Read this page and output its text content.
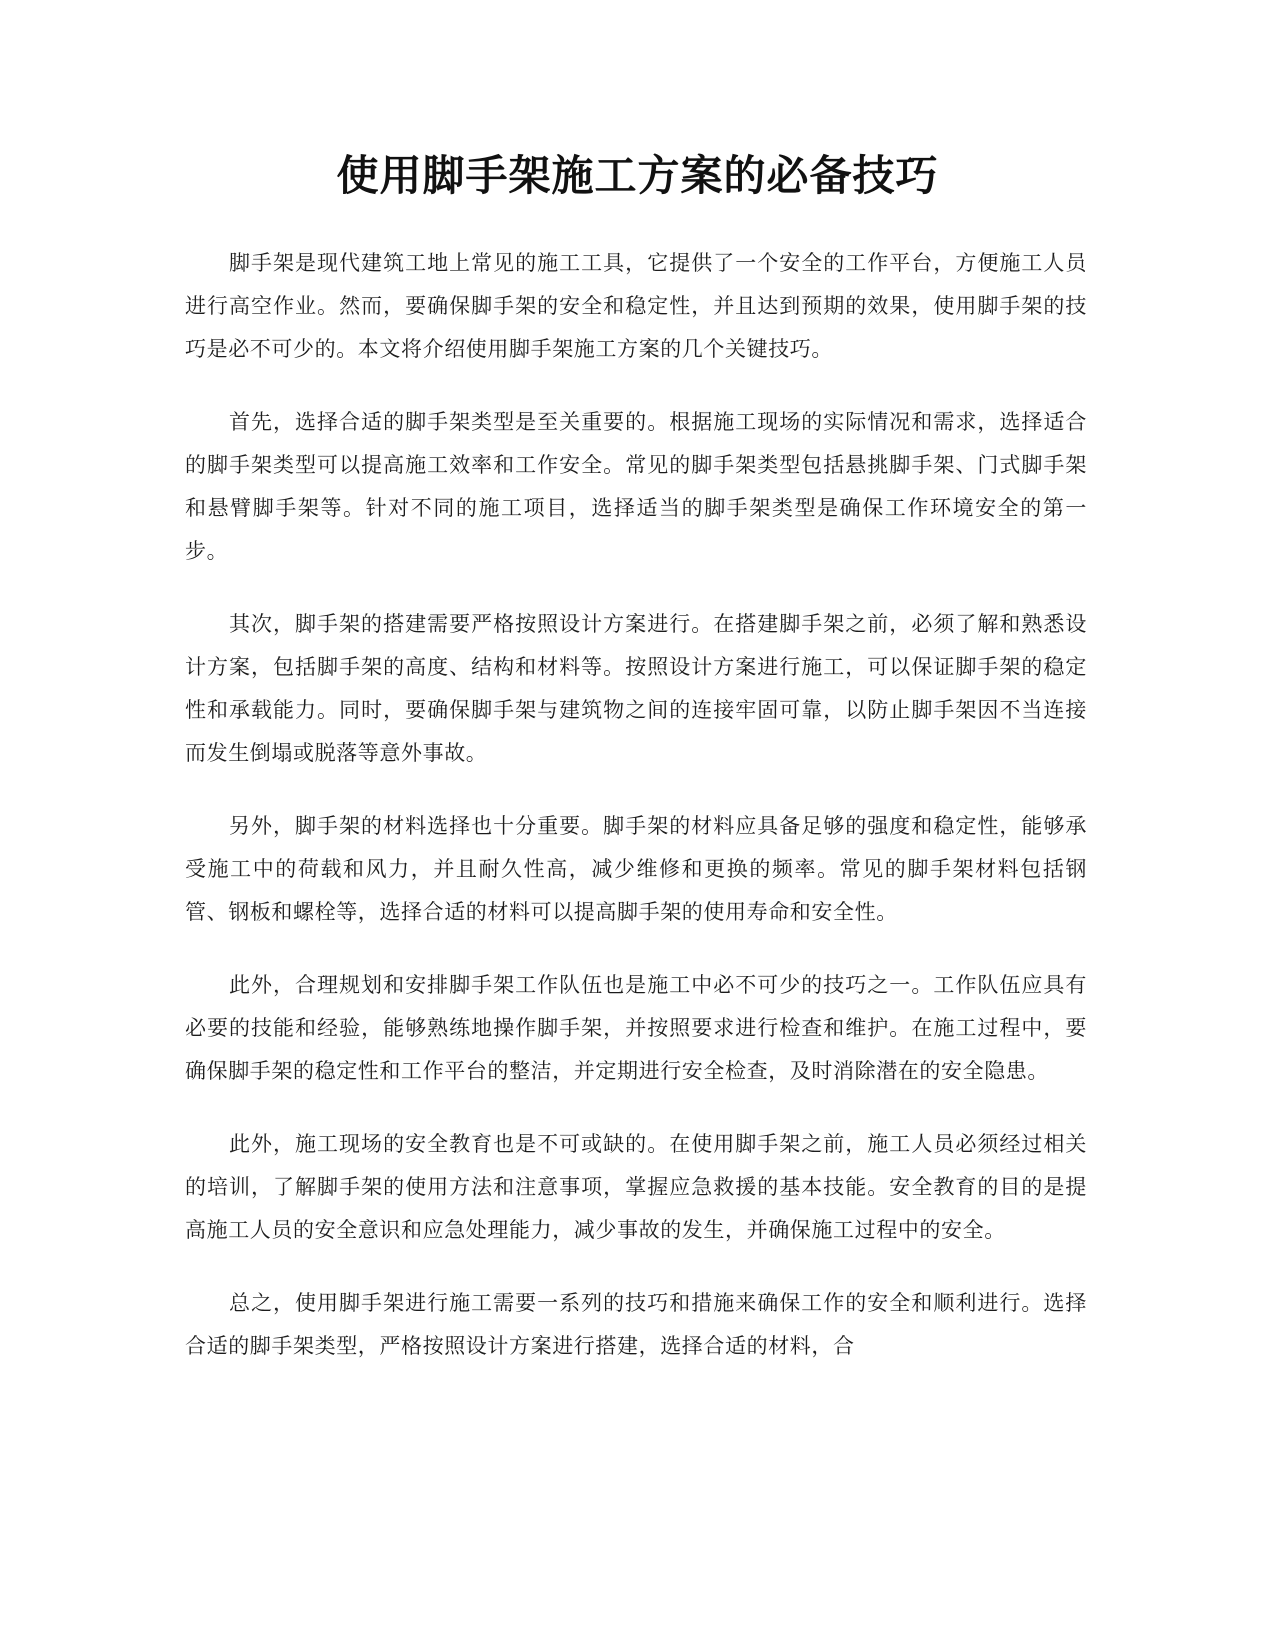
使用脚手架施工方案的必备技巧

脚手架是现代建筑工地上常见的施工工具，它提供了一个安全的工作平台，方便施工人员进行高空作业。然而，要确保脚手架的安全和稳定性，并且达到预期的效果，使用脚手架的技巧是必不可少的。本文将介绍使用脚手架施工方案的几个关键技巧。

首先，选择合适的脚手架类型是至关重要的。根据施工现场的实际情况和需求，选择适合的脚手架类型可以提高施工效率和工作安全。常见的脚手架类型包括悬挑脚手架、门式脚手架和悬臂脚手架等。针对不同的施工项目，选择适当的脚手架类型是确保工作环境安全的第一步。

其次，脚手架的搭建需要严格按照设计方案进行。在搭建脚手架之前，必须了解和熟悉设计方案，包括脚手架的高度、结构和材料等。按照设计方案进行施工，可以保证脚手架的稳定性和承载能力。同时，要确保脚手架与建筑物之间的连接牢固可靠，以防止脚手架因不当连接而发生倒塌或脱落等意外事故。

另外，脚手架的材料选择也十分重要。脚手架的材料应具备足够的强度和稳定性，能够承受施工中的荷载和风力，并且耐久性高，减少维修和更换的频率。常见的脚手架材料包括钢管、钢板和螺栓等，选择合适的材料可以提高脚手架的使用寿命和安全性。

此外，合理规划和安排脚手架工作队伍也是施工中必不可少的技巧之一。工作队伍应具有必要的技能和经验，能够熟练地操作脚手架，并按照要求进行检查和维护。在施工过程中，要确保脚手架的稳定性和工作平台的整洁，并定期进行安全检查，及时消除潜在的安全隐患。

此外，施工现场的安全教育也是不可或缺的。在使用脚手架之前，施工人员必须经过相关的培训，了解脚手架的使用方法和注意事项，掌握应急救援的基本技能。安全教育的目的是提高施工人员的安全意识和应急处理能力，减少事故的发生，并确保施工过程中的安全。

总之，使用脚手架进行施工需要一系列的技巧和措施来确保工作的安全和顺利进行。选择合适的脚手架类型，严格按照设计方案进行搭建，选择合适的材料，合
